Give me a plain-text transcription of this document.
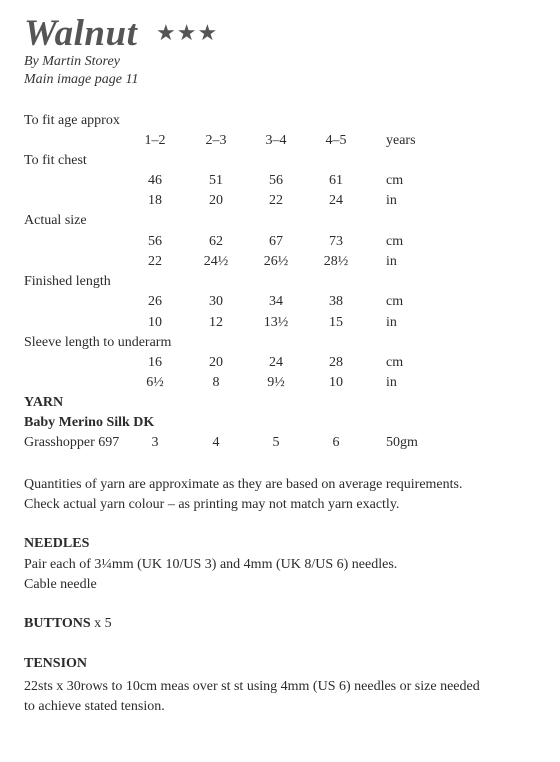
Walnut ★★★
By Martin Storey
Main image page 11
To fit age approx
1–2	2–3	3–4	4–5	years
To fit chest
46	51	56	61	cm
18	20	22	24	in
Actual size
56	62	67	73	cm
22	24½	26½	28½	in
Finished length
26	30	34	38	cm
10	12	13½	15	in
Sleeve length to underarm
16	20	24	28	cm
6½	8	9½	10	in
YARN
Baby Merino Silk DK
Grasshopper 697	3	4	5	6	50gm
Quantities of yarn are approximate as they are based on average requirements.
Check actual yarn colour – as printing may not match yarn exactly.
NEEDLES
Pair each of 3¼mm (UK 10/US 3) and 4mm (UK 8/US 6) needles.
Cable needle
BUTTONS x 5
TENSION
22sts x 30rows to 10cm meas over st st using 4mm (US 6) needles or size needed
to achieve stated tension.
